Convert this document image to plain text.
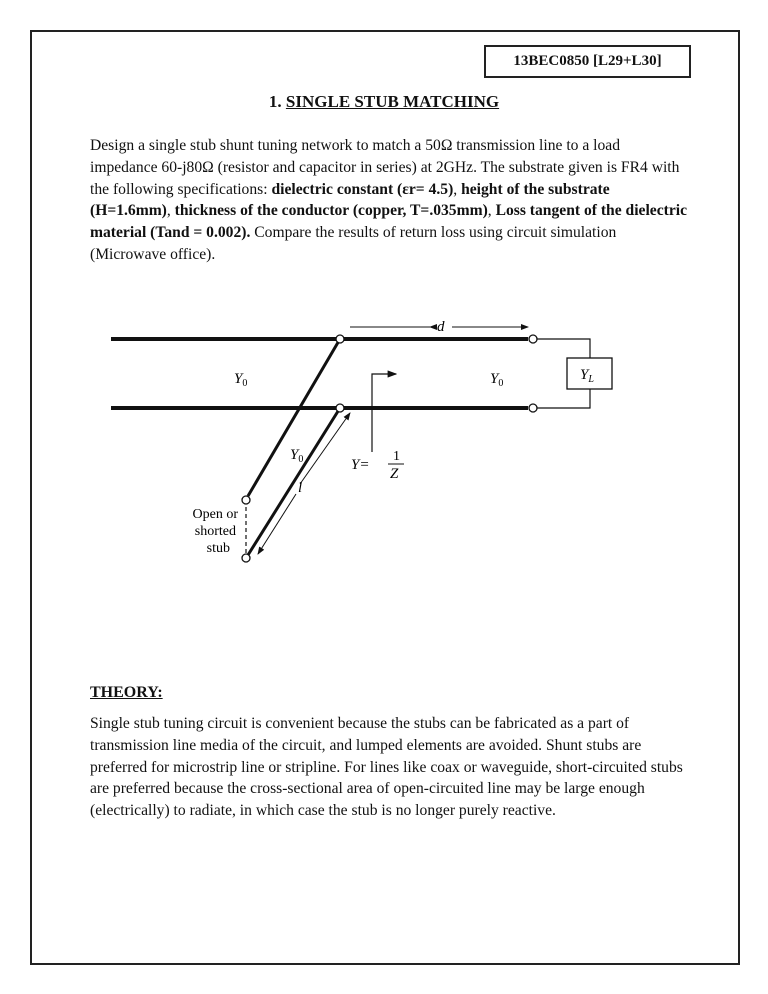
13BEC0850 [L29+L30]
1. SINGLE STUB MATCHING
Design a single stub shunt tuning network to match a 50Ω transmission line to a load impedance 60-j80Ω (resistor and capacitor in series) at 2GHz. The substrate given is FR4 with the following specifications: dielectric constant (εr= 4.5), height of the substrate (H=1.6mm), thickness of the conductor (copper, T=.035mm), Loss tangent of the dielectric material (Tand = 0.002). Compare the results of return loss using circuit simulation (Microwave office).
$Y_0$	$Y_0$
$Y_0$
$Y_L$
d
l
Y=
1
Z
Open or
shorted
stub
THEORY:
Single stub tuning circuit is convenient because the stubs can be fabricated as a part of transmission line media of the circuit, and lumped elements are avoided. Shunt stubs are preferred for microstrip line or stripline. For lines like coax or waveguide, short-circuited stubs are preferred because the cross-sectional area of open-circuited line may be large enough (electrically) to radiate, in which case the stub is no longer purely reactive.
